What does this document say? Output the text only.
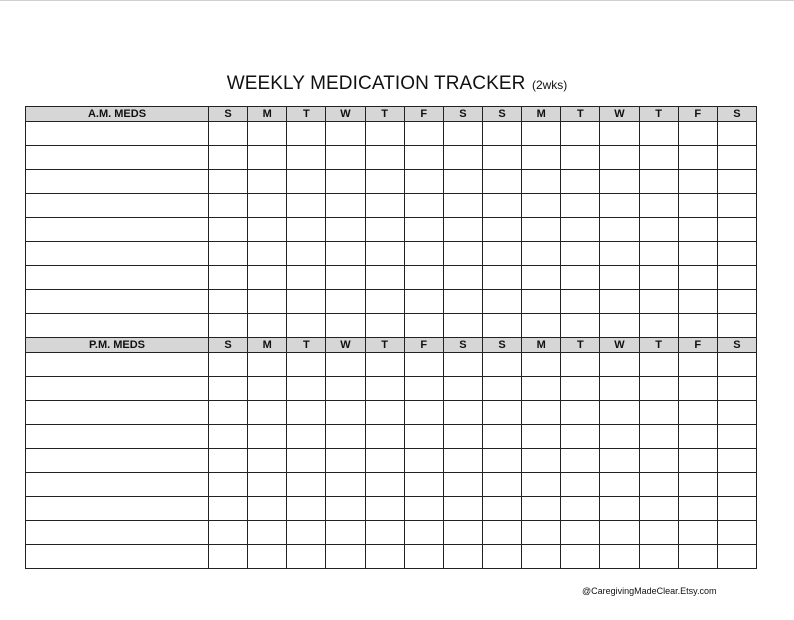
WEEKLY MEDICATION TRACKER (2wks)
A.M. MEDS	S	M	T	W	T	F	S	S	M	T	W	T	F	S

P.M. MEDS	S	M	T	W	T	F	S	S	M	T	W	T	F	S

@CaregivingMadeClear.Etsy.com
